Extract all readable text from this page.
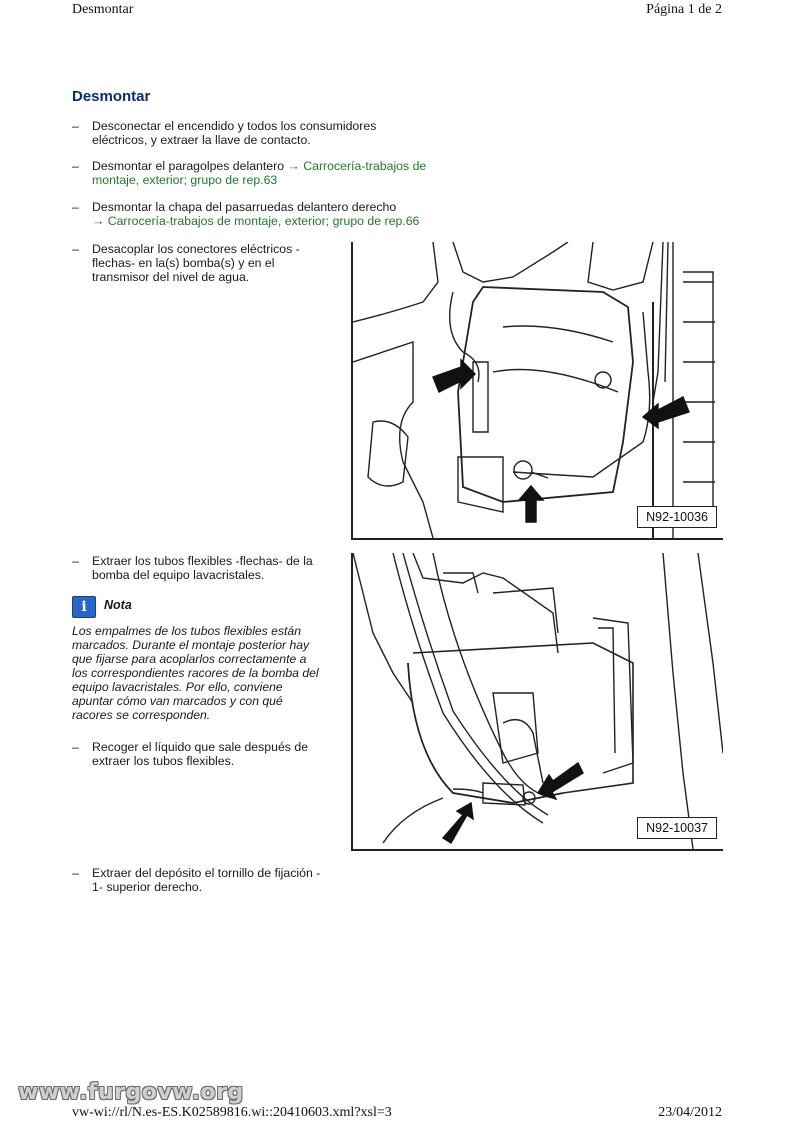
Desmontar	Página 1 de 2
Desmontar
– Desconectar el encendido y todos los consumidores
eléctricos, y extraer la llave de contacto.
– Desmontar el paragolpes delantero → Carrocería-trabajos de
montaje, exterior; grupo de rep.63
– Desmontar la chapa del pasarruedas delantero derecho
→ Carrocería-trabajos de montaje, exterior; grupo de rep.66
– Desacoplar los conectores eléctricos -
flechas- en la(s) bomba(s) y en el
transmisor del nivel de agua.
– Extraer los tubos flexibles -flechas- de la
bomba del equipo lavacristales.
i	Nota
Los empalmes de los tubos flexibles están
marcados. Durante el montaje posterior hay
que fijarse para acoplarlos correctamente a
los correspondientes racores de la bomba del
equipo lavacristales. Por ello, conviene
apuntar cómo van marcados y con qué
racores se corresponden.
– Recoger el líquido que sale después de
extraer los tubos flexibles.
– Extraer del depósito el tornillo de fijación -
1- superior derecho.
N92-10036
N92-10037
www.furgovw.org
vw-wi://rl/N.es-ES.K02589816.wi::20410603.xml?xsl=3	23/04/2012
